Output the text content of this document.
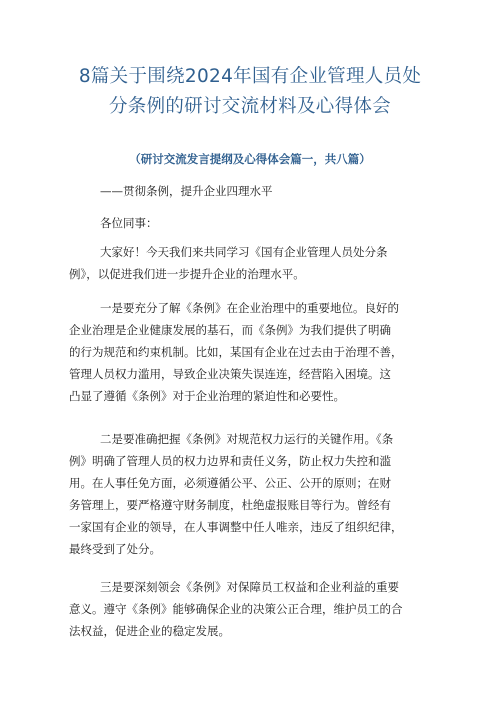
8篇关于围绕2024年国有企业管理人员处
分条例的研讨交流材料及心得体会
（研讨交流发言提纲及心得体会篇一，共八篇）
——贯彻条例，提升企业四理水平
各位同事：
大家好！今天我们来共同学习《国有企业管理人员处分条
例》，以促进我们进一步提升企业的治理水平。
一是要充分了解《条例》在企业治理中的重要地位。良好的
企业治理是企业健康发展的基石，而《条例》为我们提供了明确
的行为规范和约束机制。比如，某国有企业在过去由于治理不善，
管理人员权力滥用，导致企业决策失误连连，经营陷入困境。这
凸显了遵循《条例》对于企业治理的紧迫性和必要性。
二是要准确把握《条例》对规范权力运行的关键作用。《条
例》明确了管理人员的权力边界和责任义务，防止权力失控和滥
用。在人事任免方面，必须遵循公平、公正、公开的原则；在财
务管理上，要严格遵守财务制度，杜绝虚报账目等行为。曾经有
一家国有企业的领导，在人事调整中任人唯亲，违反了组织纪律，
最终受到了处分。
三是要深刻领会《条例》对保障员工权益和企业利益的重要
意义。遵守《条例》能够确保企业的决策公正合理，维护员工的合
法权益，促进企业的稳定发展。
